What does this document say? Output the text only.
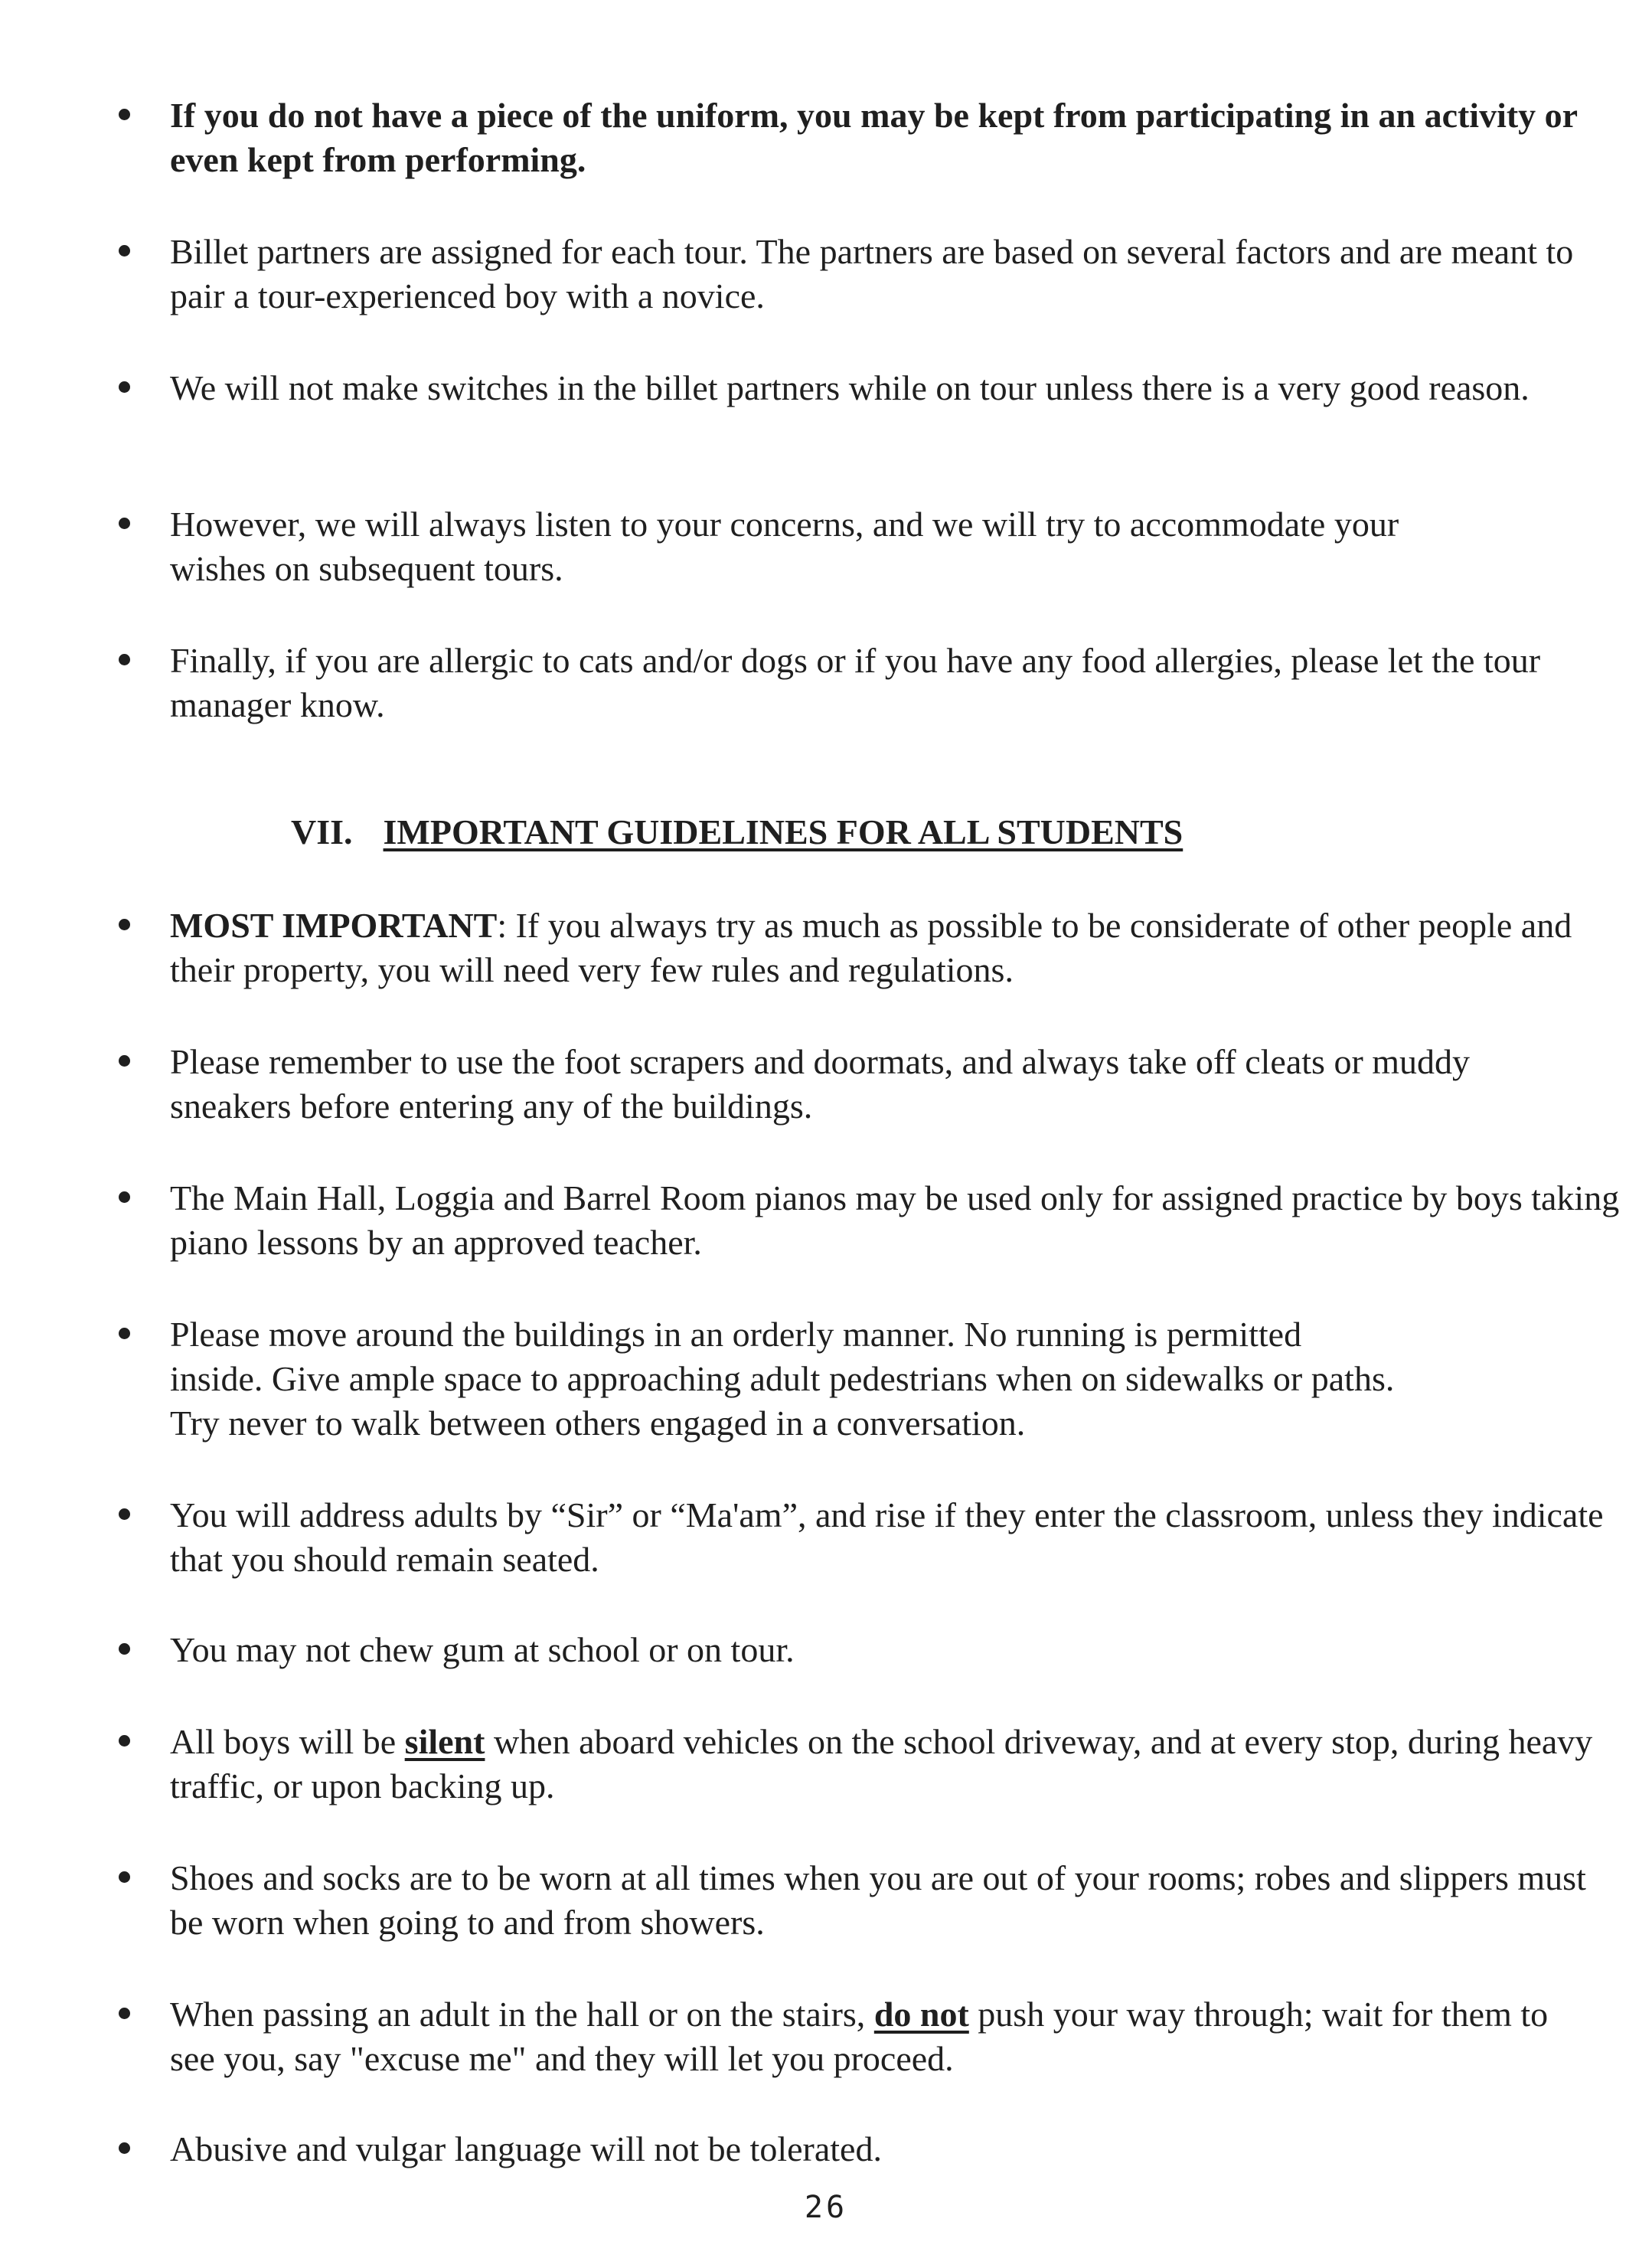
If you do not have a piece of the uniform, you may be kept from participating in an activity or even kept from performing.
Billet partners are assigned for each tour. The partners are based on several factors and are meant to pair a tour-experienced boy with a novice.
We will not make switches in the billet partners while on tour unless there is a very good reason.
However, we will always listen to your concerns, and we will try to accommodate your wishes on subsequent tours.
Finally, if you are allergic to cats and/or dogs or if you have any food allergies, please let the tour manager know.
VII. IMPORTANT GUIDELINES FOR ALL STUDENTS
MOST IMPORTANT: If you always try as much as possible to be considerate of other people and their property, you will need very few rules and regulations.
Please remember to use the foot scrapers and doormats, and always take off cleats or muddy sneakers before entering any of the buildings.
The Main Hall, Loggia and Barrel Room pianos may be used only for assigned practice by boys taking piano lessons by an approved teacher.
Please move around the buildings in an orderly manner. No running is permitted
inside. Give ample space to approaching adult pedestrians when on sidewalks or paths.
Try never to walk between others engaged in a conversation.
You will address adults by “Sir” or “Ma'am”, and rise if they enter the classroom, unless they indicate that you should remain seated.
You may not chew gum at school or on tour.
All boys will be silent when aboard vehicles on the school driveway, and at every stop, during heavy traffic, or upon backing up.
Shoes and socks are to be worn at all times when you are out of your rooms; robes and slippers must be worn when going to and from showers.
When passing an adult in the hall or on the stairs, do not push your way through; wait for them to see you, say "excuse me" and they will let you proceed.
Abusive and vulgar language will not be tolerated.
26
